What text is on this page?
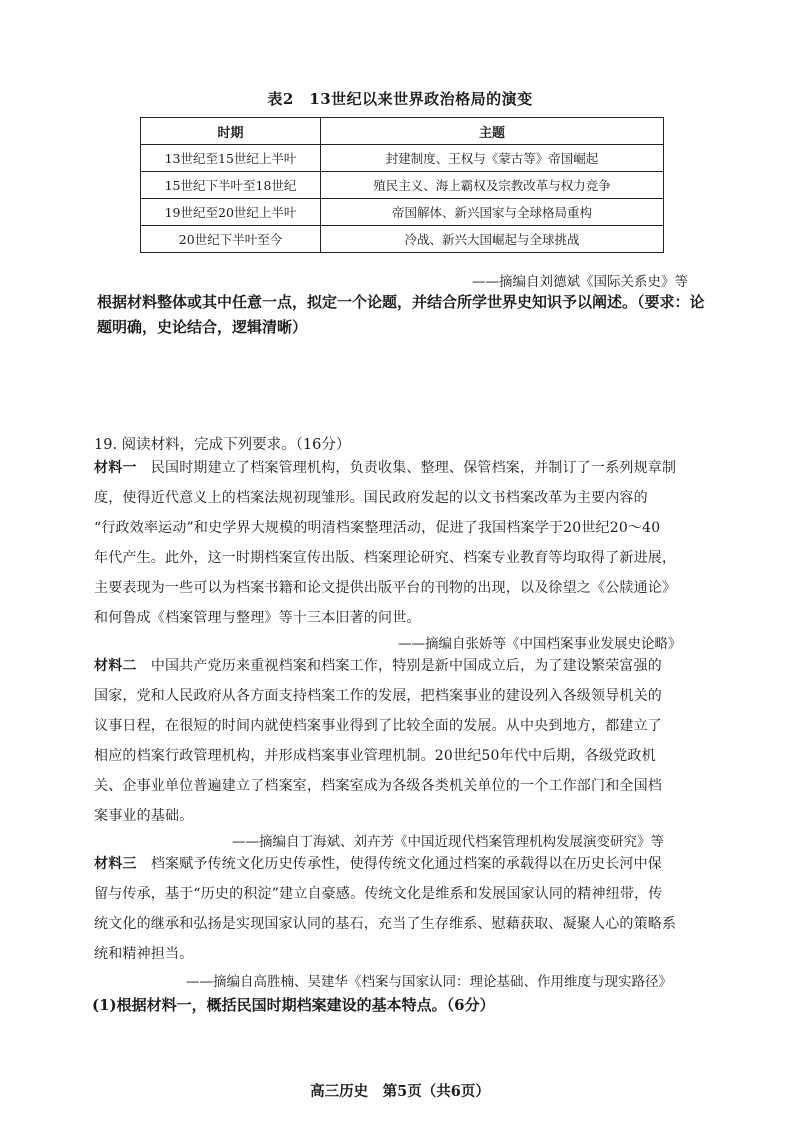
表2　13世纪以来世界政治格局的演变
时期	主题
13世纪至15世纪上半叶	封建制度、王权与《蒙古等》帝国崛起
15世纪下半叶至18世纪	殖民主义、海上霸权及宗教改革与权力竞争
19世纪至20世纪上半叶	帝国解体、新兴国家与全球格局重构
20世纪下半叶至今	冷战、新兴大国崛起与全球挑战
——摘编自刘德斌《国际关系史》等
根据材料整体或其中任意一点，拟定一个论题，并结合所学世界史知识予以阐述。（要求：论
题明确，史论结合，逻辑清晰）
19. 阅读材料，完成下列要求。（16分）
材料一　 民国时期建立了档案管理机构，负责收集、整理、保管档案，并制订了一系列规章制
度，使得近代意义上的档案法规初现雏形。国民政府发起的以文书档案改革为主要内容的
“行政效率运动”和史学界大规模的明清档案整理活动，促进了我国档案学于20世纪20～40
年代产生。此外，这一时期档案宣传出版、档案理论研究、档案专业教育等均取得了新进展，
主要表现为一些可以为档案书籍和论文提供出版平台的刊物的出现，以及徐望之《公牍通论》
和何鲁成《档案管理与整理》等十三本旧著的问世。
——摘编自张娇等《中国档案事业发展史论略》
材料二　 中国共产党历来重视档案和档案工作，特别是新中国成立后，为了建设繁荣富强的
国家，党和人民政府从各方面支持档案工作的发展，把档案事业的建设列入各级领导机关的
议事日程，在很短的时间内就使档案事业得到了比较全面的发展。从中央到地方，都建立了
相应的档案行政管理机构，并形成档案事业管理机制。20世纪50年代中后期，各级党政机
关、企事业单位普遍建立了档案室，档案室成为各级各类机关单位的一个工作部门和全国档
案事业的基础。
——摘编自丁海斌、刘卉芳《中国近现代档案管理机构发展演变研究》等
材料三　 档案赋予传统文化历史传承性，使得传统文化通过档案的承载得以在历史长河中保
留与传承，基于“历史的积淀”建立自豪感。传统文化是维系和发展国家认同的精神纽带，传
统文化的继承和弘扬是实现国家认同的基石，充当了生存维系、慰藉获取、凝聚人心的策略系
统和精神担当。
——摘编自高胜楠、吴建华《档案与国家认同：理论基础、作用维度与现实路径》
(1)根据材料一，概括民国时期档案建设的基本特点。（6分）
高三历史　第5页（共6页）
